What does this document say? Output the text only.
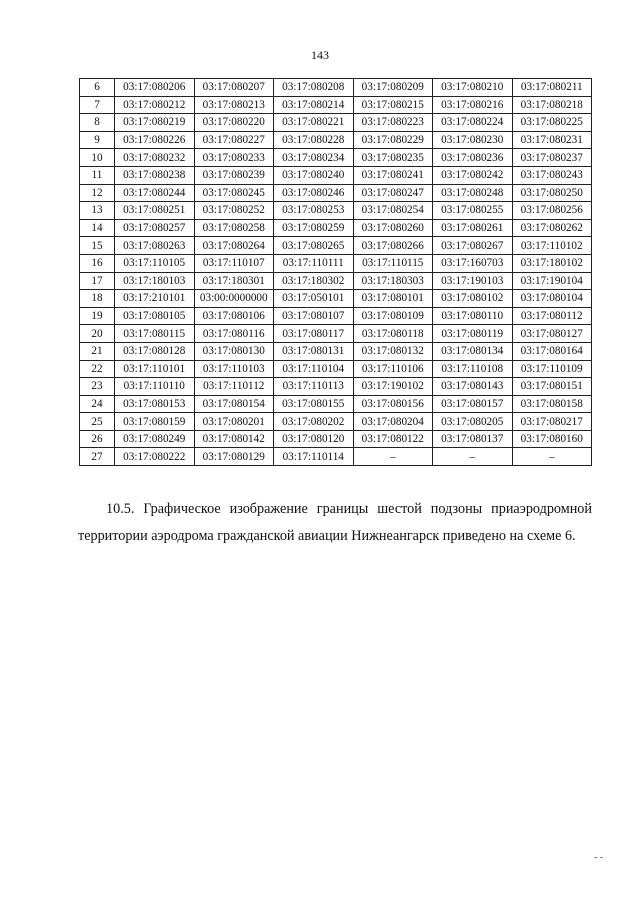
143
6	03:17:080206	03:17:080207	03:17:080208	03:17:080209	03:17:080210	03:17:080211
7	03:17:080212	03:17:080213	03:17:080214	03:17:080215	03:17:080216	03:17:080218
8	03:17:080219	03:17:080220	03:17:080221	03:17:080223	03:17:080224	03:17:080225
9	03:17:080226	03:17:080227	03:17:080228	03:17:080229	03:17:080230	03:17:080231
10	03:17:080232	03:17:080233	03:17:080234	03:17:080235	03:17:080236	03:17:080237
11	03:17:080238	03:17:080239	03:17:080240	03:17:080241	03:17:080242	03:17:080243
12	03:17:080244	03:17:080245	03:17:080246	03:17:080247	03:17:080248	03:17:080250
13	03:17:080251	03:17:080252	03:17:080253	03:17:080254	03:17:080255	03:17:080256
14	03:17:080257	03:17:080258	03:17:080259	03:17:080260	03:17:080261	03:17:080262
15	03:17:080263	03:17:080264	03:17:080265	03:17:080266	03:17:080267	03:17:110102
16	03:17:110105	03:17:110107	03:17:110111	03:17:110115	03:17:160703	03:17:180102
17	03:17:180103	03:17:180301	03:17:180302	03:17:180303	03:17:190103	03:17:190104
18	03:17:210101	03:00:0000000	03:17:050101	03:17:080101	03:17:080102	03:17:080104
19	03:17:080105	03:17:080106	03:17:080107	03:17:080109	03:17:080110	03:17:080112
20	03:17:080115	03:17:080116	03:17:080117	03:17:080118	03:17:080119	03:17:080127
21	03:17:080128	03:17:080130	03:17:080131	03:17:080132	03:17:080134	03:17:080164
22	03:17:110101	03:17:110103	03:17:110104	03:17:110106	03:17:110108	03:17:110109
23	03:17:110110	03:17:110112	03:17:110113	03:17:190102	03:17:080143	03:17:080151
24	03:17:080153	03:17:080154	03:17:080155	03:17:080156	03:17:080157	03:17:080158
25	03:17:080159	03:17:080201	03:17:080202	03:17:080204	03:17:080205	03:17:080217
26	03:17:080249	03:17:080142	03:17:080120	03:17:080122	03:17:080137	03:17:080160
27	03:17:080222	03:17:080129	03:17:110114	–	–	–

10.5. Графическое изображение границы шестой подзоны приаэродромной
территории аэродрома гражданской авиации Нижнеангарск приведено на схеме 6.

- -
